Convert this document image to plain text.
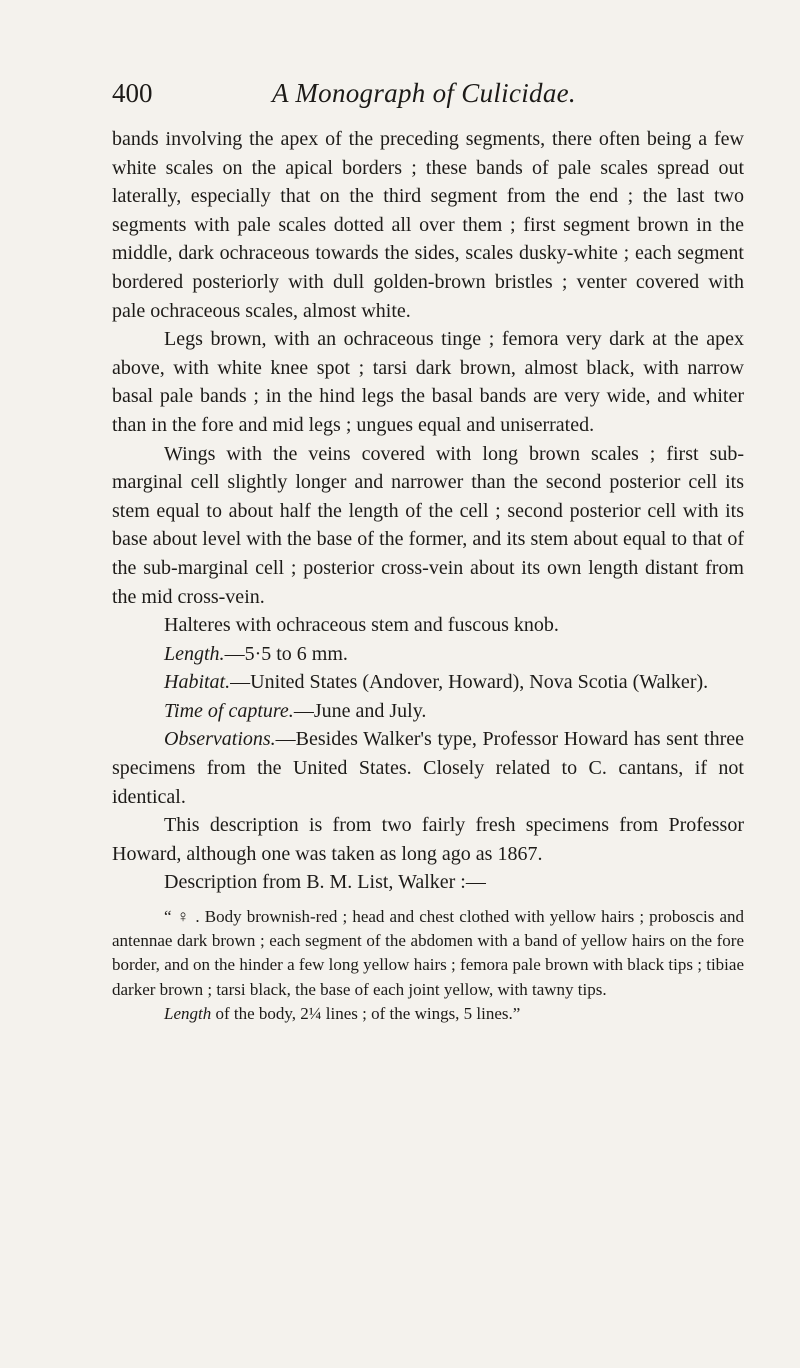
400	A Monograph of Culicidae.

bands involving the apex of the preceding segments, there often being a few white scales on the apical borders ; these bands of pale scales spread out laterally, especially that on the third segment from the end ; the last two segments with pale scales dotted all over them ; first segment brown in the middle, dark ochraceous towards the sides, scales dusky-white ; each segment bordered posteriorly with dull golden-brown bristles ; venter covered with pale ochraceous scales, almost white.

Legs brown, with an ochraceous tinge ; femora very dark at the apex above, with white knee spot ; tarsi dark brown, almost black, with narrow basal pale bands ; in the hind legs the basal bands are very wide, and whiter than in the fore and mid legs ; ungues equal and uniserrated.

Wings with the veins covered with long brown scales ; first sub-marginal cell slightly longer and narrower than the second posterior cell its stem equal to about half the length of the cell ; second posterior cell with its base about level with the base of the former, and its stem about equal to that of the sub-marginal cell ; posterior cross-vein about its own length distant from the mid cross-vein.

Halteres with ochraceous stem and fuscous knob.

Length.—5·5 to 6 mm.

Habitat.—United States (Andover, Howard), Nova Scotia (Walker).

Time of capture.—June and July.

Observations.—Besides Walker's type, Professor Howard has sent three specimens from the United States. Closely related to C. cantans, if not identical.

This description is from two fairly fresh specimens from Professor Howard, although one was taken as long ago as 1867.

Description from B. M. List, Walker :—

“ ♀ . Body brownish-red ; head and chest clothed with yellow hairs ; proboscis and antennae dark brown ; each segment of the abdomen with a band of yellow hairs on the fore border, and on the hinder a few long yellow hairs ; femora pale brown with black tips ; tibiae darker brown ; tarsi black, the base of each joint yellow, with tawny tips.

Length of the body, 2¼ lines ; of the wings, 5 lines.”
